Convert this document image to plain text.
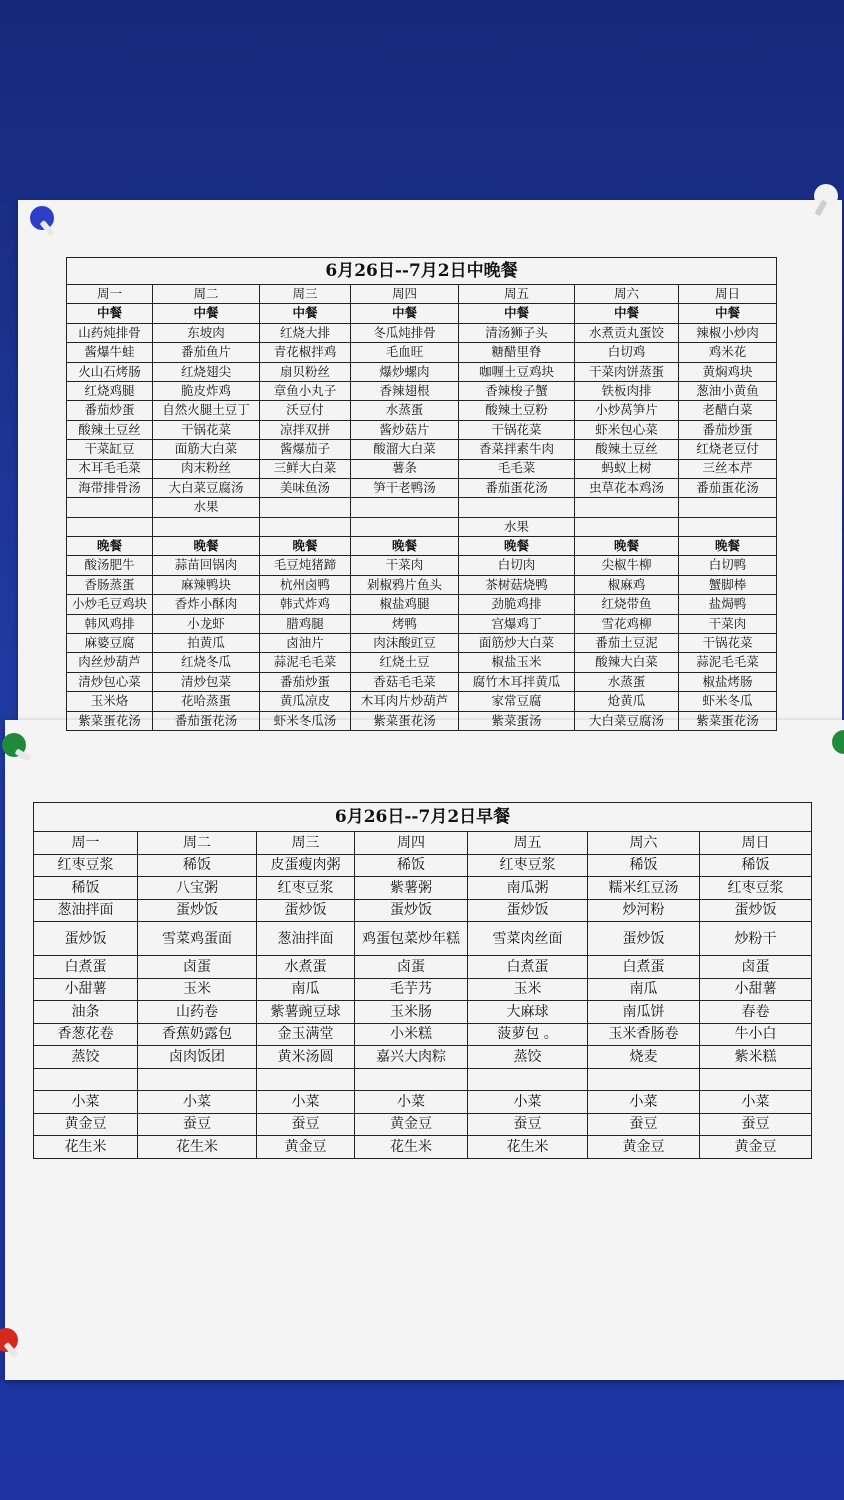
6月26日--7月2日中晚餐						
周一	周二	周三	周四	周五	周六	周日
中餐	中餐	中餐	中餐	中餐	中餐	中餐
山药炖排骨	东坡肉	红烧大排	冬瓜炖排骨	清汤狮子头	水煮贡丸蛋饺	辣椒小炒肉
酱爆牛蛙	番茄鱼片	青花椒拌鸡	毛血旺	糖醋里脊	白切鸡	鸡米花
火山石烤肠	红烧翅尖	扇贝粉丝	爆炒螺肉	咖喱土豆鸡块	干菜肉饼蒸蛋	黄焖鸡块
红烧鸡腿	脆皮炸鸡	章鱼小丸子	香辣翅根	香辣梭子蟹	铁板肉排	葱油小黄鱼
番茄炒蛋	自然火腿土豆丁	沃豆付	水蒸蛋	酸辣土豆粉	小炒莴笋片	老醋白菜
酸辣土豆丝	干锅花菜	凉拌双拼	酱炒菇片	干锅花菜	虾米包心菜	番茄炒蛋
干菜缸豆	面筋大白菜	酱爆茄子	酸溜大白菜	香菜拌素牛肉	酸辣土豆丝	红烧老豆付
木耳毛毛菜	肉末粉丝	三鲜大白菜	薯条	毛毛菜	蚂蚁上树	三丝本芹
海带排骨汤	大白菜豆腐汤	美味鱼汤	笋干老鸭汤	番茄蛋花汤	虫草花本鸡汤	番茄蛋花汤
	水果					
				水果		
晚餐	晚餐	晚餐	晚餐	晚餐	晚餐	晚餐
酸汤肥牛	蒜苗回锅肉	毛豆炖猪蹄	干菜肉	白切肉	尖椒牛柳	白切鸭
香肠蒸蛋	麻辣鸭块	杭州卤鸭	剁椒鸦片鱼头	茶树菇烧鸭	椒麻鸡	蟹脚棒
小炒毛豆鸡块	香炸小酥肉	韩式炸鸡	椒盐鸡腿	劲脆鸡排	红烧带鱼	盐焗鸭
韩风鸡排	小龙虾	腊鸡腿	烤鸭	宫爆鸡丁	雪花鸡柳	干菜肉
麻婆豆腐	拍黄瓜	卤油片	肉沫酸豇豆	面筋炒大白菜	番茄土豆泥	干锅花菜
肉丝炒葫芦	红烧冬瓜	蒜泥毛毛菜	红烧土豆	椒盐玉米	酸辣大白菜	蒜泥毛毛菜
清炒包心菜	清炒包菜	番茄炒蛋	香菇毛毛菜	腐竹木耳拌黄瓜	水蒸蛋	椒盐烤肠
玉米烙	花哈蒸蛋	黄瓜凉皮	木耳肉片炒葫芦	家常豆腐	炝黄瓜	虾米冬瓜
紫菜蛋花汤	番茄蛋花汤	虾米冬瓜汤	紫菜蛋花汤	紫菜蛋汤	大白菜豆腐汤	紫菜蛋花汤
6月26日--7月2日早餐						
周一	周二	周三	周四	周五	周六	周日
红枣豆浆	稀饭	皮蛋瘦肉粥	稀饭	红枣豆浆	稀饭	稀饭
稀饭	八宝粥	红枣豆浆	紫薯粥	南瓜粥	糯米红豆汤	红枣豆浆
葱油拌面	蛋炒饭	蛋炒饭	蛋炒饭	蛋炒饭	炒河粉	蛋炒饭
蛋炒饭	雪菜鸡蛋面	葱油拌面	鸡蛋包菜炒年糕	雪菜肉丝面	蛋炒饭	炒粉干
白煮蛋	卤蛋	水煮蛋	卤蛋	白煮蛋	白煮蛋	卤蛋
小甜薯	玉米	南瓜	毛芋艿	玉米	南瓜	小甜薯
油条	山药卷	紫薯豌豆球	玉米肠	大麻球	南瓜饼	春卷
香葱花卷	香蕉奶露包	金玉满堂	小米糕	菠萝包 。	玉米香肠卷	牛小白
蒸饺	卤肉饭团	黄米汤圆	嘉兴大肉粽	蒸饺	烧麦	紫米糕

小菜	小菜	小菜	小菜	小菜	小菜	小菜
黄金豆	蚕豆	蚕豆	黄金豆	蚕豆	蚕豆	蚕豆
花生米	花生米	黄金豆	花生米	花生米	黄金豆	黄金豆
